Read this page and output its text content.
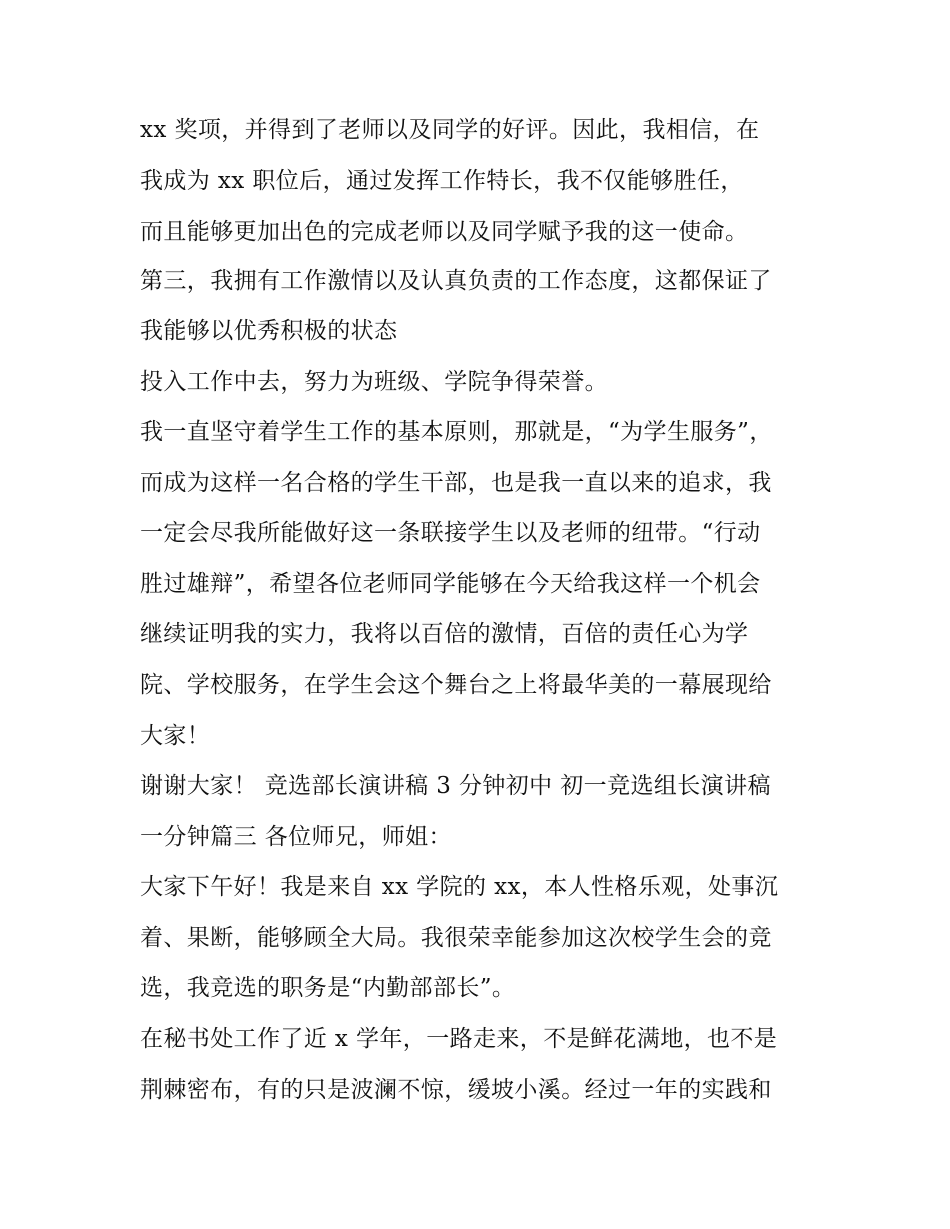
xx 奖项，并得到了老师以及同学的好评。因此，我相信，在
我成为 xx 职位后，通过发挥工作特长，我不仅能够胜任，
而且能够更加出色的完成老师以及同学赋予我的这一使命。
第三，我拥有工作激情以及认真负责的工作态度，这都保证了
我能够以优秀积极的状态
投入工作中去，努力为班级、学院争得荣誉。
我一直坚守着学生工作的基本原则，那就是，“为学生服务”，
而成为这样一名合格的学生干部，也是我一直以来的追求，我
一定会尽我所能做好这一条联接学生以及老师的纽带。“行动
胜过雄辩”，希望各位老师同学能够在今天给我这样一个机会
继续证明我的实力，我将以百倍的激情，百倍的责任心为学
院、学校服务，在学生会这个舞台之上将最华美的一幕展现给
大家！
谢谢大家！ 竞选部长演讲稿 3 分钟初中 初一竞选组长演讲稿
一分钟篇三 各位师兄，师姐：
大家下午好！我是来自 xx 学院的 xx，本人性格乐观，处事沉
着、果断，能够顾全大局。我很荣幸能参加这次校学生会的竞
选，我竞选的职务是“内勤部部长”。
在秘书处工作了近 x 学年，一路走来，不是鲜花满地，也不是
荆棘密布，有的只是波澜不惊，缓坡小溪。经过一年的实践和
